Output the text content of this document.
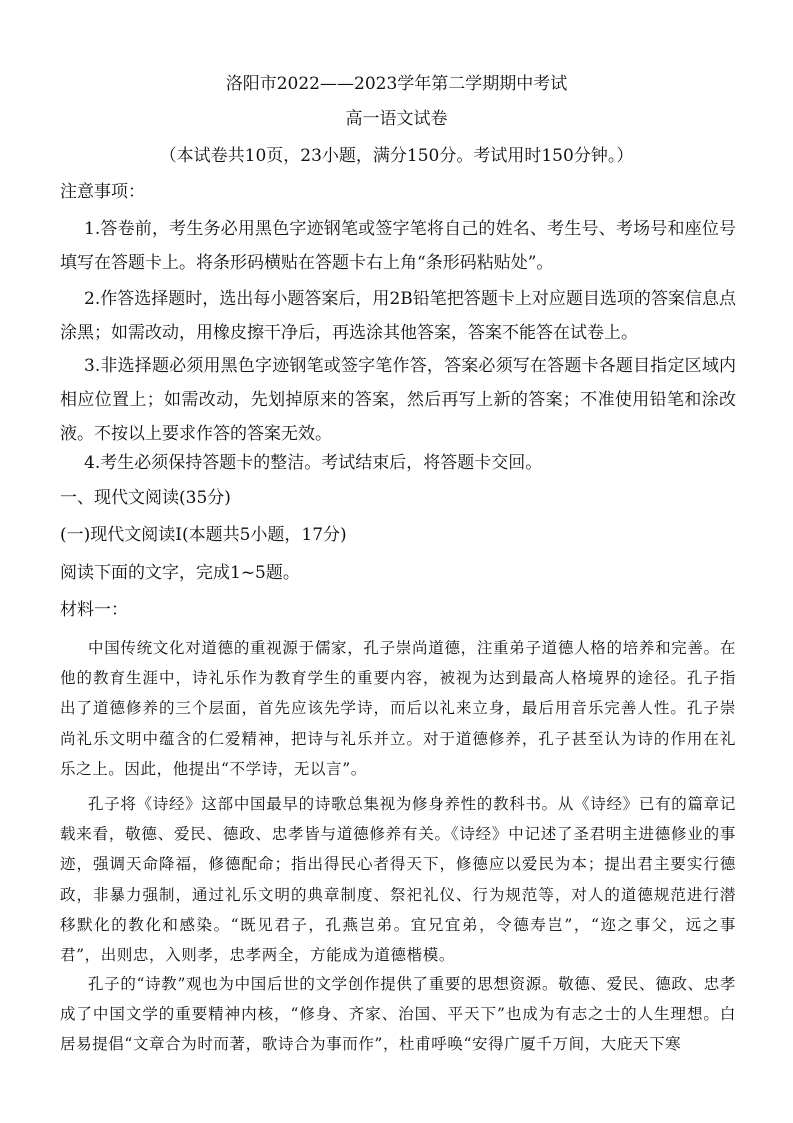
洛阳市2022——2023学年第二学期期中考试
高一语文试卷
（本试卷共10页，23小题，满分150分。考试用时150分钟。）
注意事项：
1.答卷前，考生务必用黑色字迹钢笔或签字笔将自己的姓名、考生号、考场号和座位号填写在答题卡上。将条形码横贴在答题卡右上角“条形码粘贴处”。
2.作答选择题时，选出每小题答案后，用2B铅笔把答题卡上对应题目选项的答案信息点涂黑；如需改动，用橡皮擦干净后，再选涂其他答案，答案不能答在试卷上。
3.非选择题必须用黑色字迹钢笔或签字笔作答，答案必须写在答题卡各题目指定区域内相应位置上；如需改动，先划掉原来的答案，然后再写上新的答案；不准使用铅笔和涂改液。不按以上要求作答的答案无效。
4.考生必须保持答题卡的整洁。考试结束后，将答题卡交回。
一、现代文阅读(35分)
(一)现代文阅读Ⅰ(本题共5小题，17分)
阅读下面的文字，完成1~5题。
材料一：
中国传统文化对道德的重视源于儒家，孔子崇尚道德，注重弟子道德人格的培养和完善。在他的教育生涯中，诗礼乐作为教育学生的重要内容，被视为达到最高人格境界的途径。孔子指出了道德修养的三个层面，首先应该先学诗，而后以礼来立身，最后用音乐完善人性。孔子崇尚礼乐文明中蕴含的仁爱精神，把诗与礼乐并立。对于道德修养，孔子甚至认为诗的作用在礼乐之上。因此，他提出“不学诗，无以言”。
孔子将《诗经》这部中国最早的诗歌总集视为修身养性的教科书。从《诗经》已有的篇章记载来看，敬德、爱民、德政、忠孝皆与道德修养有关。《诗经》中记述了圣君明主进德修业的事迹，强调天命降福，修德配命；指出得民心者得天下，修德应以爱民为本；提出君主要实行德政，非暴力强制，通过礼乐文明的典章制度、祭祀礼仪、行为规范等，对人的道德规范进行潜移默化的教化和感染。“既见君子，孔燕岂弟。宜兄宜弟，令德寿岂”，“迩之事父，远之事君”，出则忠，入则孝，忠孝两全，方能成为道德楷模。
孔子的“诗教”观也为中国后世的文学创作提供了重要的思想资源。敬德、爱民、德政、忠孝成了中国文学的重要精神内核，“修身、齐家、治国、平天下”也成为有志之士的人生理想。白居易提倡“文章合为时而著，歌诗合为事而作”，杜甫呼唤“安得广厦千万间，大庇天下寒
